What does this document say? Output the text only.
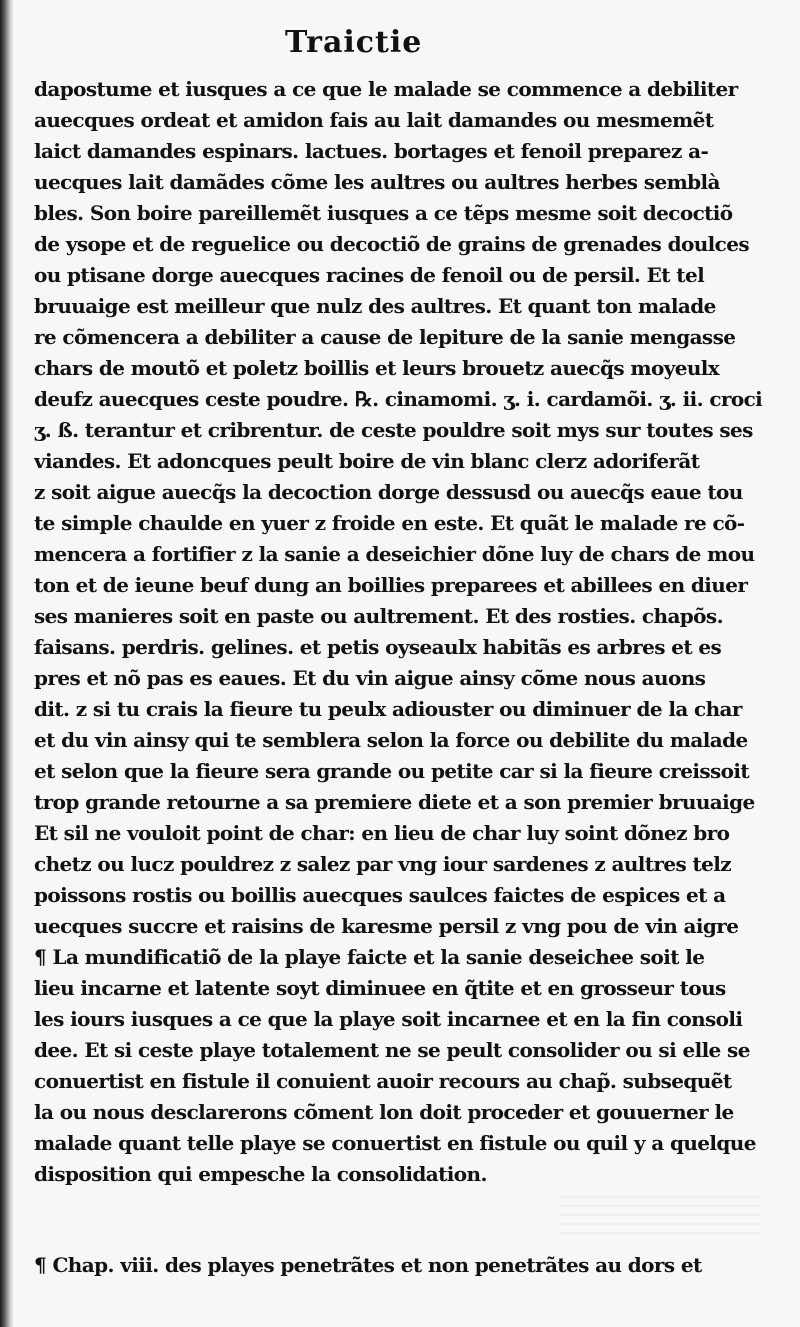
Traictie
dapostume et iusques a ce que le malade se commence a debiliter
auecques ordeat et amidon fais au lait damandes ou mesmemẽt
laict damandes espinars. lactues. bortages et fenoil preparez a-
uecques lait damãdes cõme les aultres ou aultres herbes semblà
bles. Son boire pareillemẽt iusques a ce tẽps mesme soit decoctiõ
de ysope et de reguelice ou decoctiõ de grains de grenades doulces
ou ptisane dorge auecques racines de fenoil ou de persil. Et tel
bruuaige est meilleur que nulz des aultres. Et quant ton malade
re cõmencera a debiliter a cause de lepiture de la sanie mengasse
chars de moutõ et poletz boillis et leurs brouetz auecq̃s moyeulx
deufz auecques ceste poudre. ℞. cinamomi. ʒ. i. cardamõi. ʒ. ii. croci
ʒ. ß. terantur et cribrentur. de ceste pouldre soit mys sur toutes ses
viandes. Et adoncques peult boire de vin blanc clerz adoriferãt
z soit aigue auecq̃s la decoction dorge dessusd ou auecq̃s eaue tou
te simple chaulde en yuer z froide en este. Et quãt le malade re cõ-
mencera a fortifier z la sanie a deseichier dõne luy de chars de mou
ton et de ieune beuf dung an boillies preparees et abillees en diuer
ses manieres soit en paste ou aultrement. Et des rosties. chapõs.
faisans. perdris. gelines. et petis oyseaulx habitãs es arbres et es
pres et nõ pas es eaues. Et du vin aigue ainsy cõme nous auons
dit. z si tu crais la fieure tu peulx adiouster ou diminuer de la char
et du vin ainsy qui te semblera selon la force ou debilite du malade
et selon que la fieure sera grande ou petite car si la fieure creissoit
trop grande retourne a sa premiere diete et a son premier bruuaige
Et sil ne vouloit point de char: en lieu de char luy soint dõnez bro
chetz ou lucz pouldrez z salez par vng iour sardenes z aultres telz
poissons rostis ou boillis auecques saulces faictes de espices et a
uecques succre et raisins de karesme persil z vng pou de vin aigre
¶ La mundificatiõ de la playe faicte et la sanie deseichee soit le
lieu incarne et latente soyt diminuee en q̃tite et en grosseur tous
les iours iusques a ce que la playe soit incarnee et en la fin consoli
dee. Et si ceste playe totalement ne se peult consolider ou si elle se
conuertist en fistule il conuient auoir recours au chap̃. subsequẽt
la ou nous desclarerons cõment lon doit proceder et gouuerner le
malade quant telle playe se conuertist en fistule ou quil y a quelque
disposition qui empesche la consolidation.
¶ Chap. viii. des playes penetrãtes et non penetrãtes au dors et
